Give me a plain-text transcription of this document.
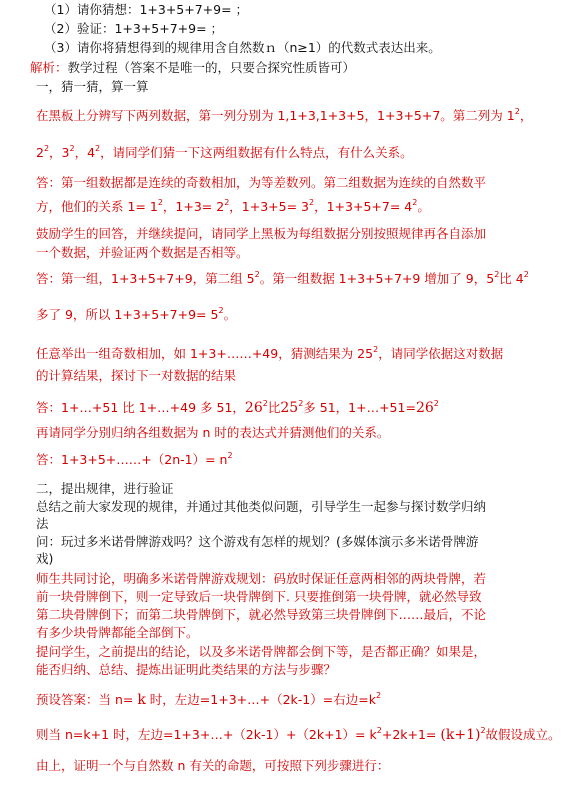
（1）请你猜想：1+3+5+7+9= ；
（2）验证：1+3+5+7+9= ；
（3）请你将猜想得到的规律用含自然数ｎ（n≥1）的代数式表达出来。
解析：教学过程（答案不是唯一的，只要合探究性质皆可）
一，猜一猜，算一算
在黑板上分辨写下两列数据，第一列分别为 1,1+3,1+3+5，1+3+5+7。第二列为 $1^2$，
$2^2$，$3^2$，$4^2$，请同学们猜一下这两组数据有什么特点，有什么关系。
答：第一组数据都是连续的奇数相加，为等差数列。第二组数据为连续的自然数平
方，他们的关系 $1= 1^2$，$1+3= 2^2$，$1+3+5= 3^2$，$1+3+5+7= 4^2$。
鼓励学生的回答，并继续提问，请同学上黑板为每组数据分别按照规律再各自添加
一个数据，并验证两个数据是否相等。
答：第一组，1+3+5+7+9，第二组 $5^2$。第一组数据 1+3+5+7+9 增加了 9，$5^2$比 $4^2$
多了 9，所以 $1+3+5+7+9= 5^2$。
任意举出一组奇数相加，如 1+3+……+49，猜测结果为 $25^2$，请同学依据这对数据
的计算结果，探讨下一对数据的结果
答：1+…+51 比 1+…+49 多 51，$26^2$比$25^2$多 51，$1+\dots+51=26^2$
再请同学分别归纳各组数据为 n 时的表达式并猜测他们的关系。
答：1+3+5+……+（2n-1）= $n^2$
二，提出规律，进行验证
总结之前大家发现的规律，并通过其他类似问题，引导学生一起参与探讨数学归纳
法
问：玩过多米诺骨牌游戏吗？这个游戏有怎样的规划？(多媒体演示多米诺骨牌游
戏)
师生共同讨论，明确多米诺骨牌游戏规划：码放时保证任意两相邻的两块骨牌，若
前一块骨牌倒下，则一定导致后一块骨牌倒下. 只要推倒第一块骨牌，就必然导致
第二块骨牌倒下；而第二块骨牌倒下，就必然导致第三块骨牌倒下……最后，不论
有多少块骨牌都能全部倒下。
提问学生，之前提出的结论，以及多米诺骨牌都会倒下等，是否都正确？如果是，
能否归纳、总结、提炼出证明此类结果的方法与步骤？
预设答案：当 n= k 时，左边=1+3+…+（2k-1）=右边$=k^2$
则当 n=k+1 时，左边=1+3+…+（2k-1）+（2k+1）= $k^2+2k+1= (k+1)^2$故假设成立。
由上，证明一个与自然数 n 有关的命题，可按照下列步骤进行：
